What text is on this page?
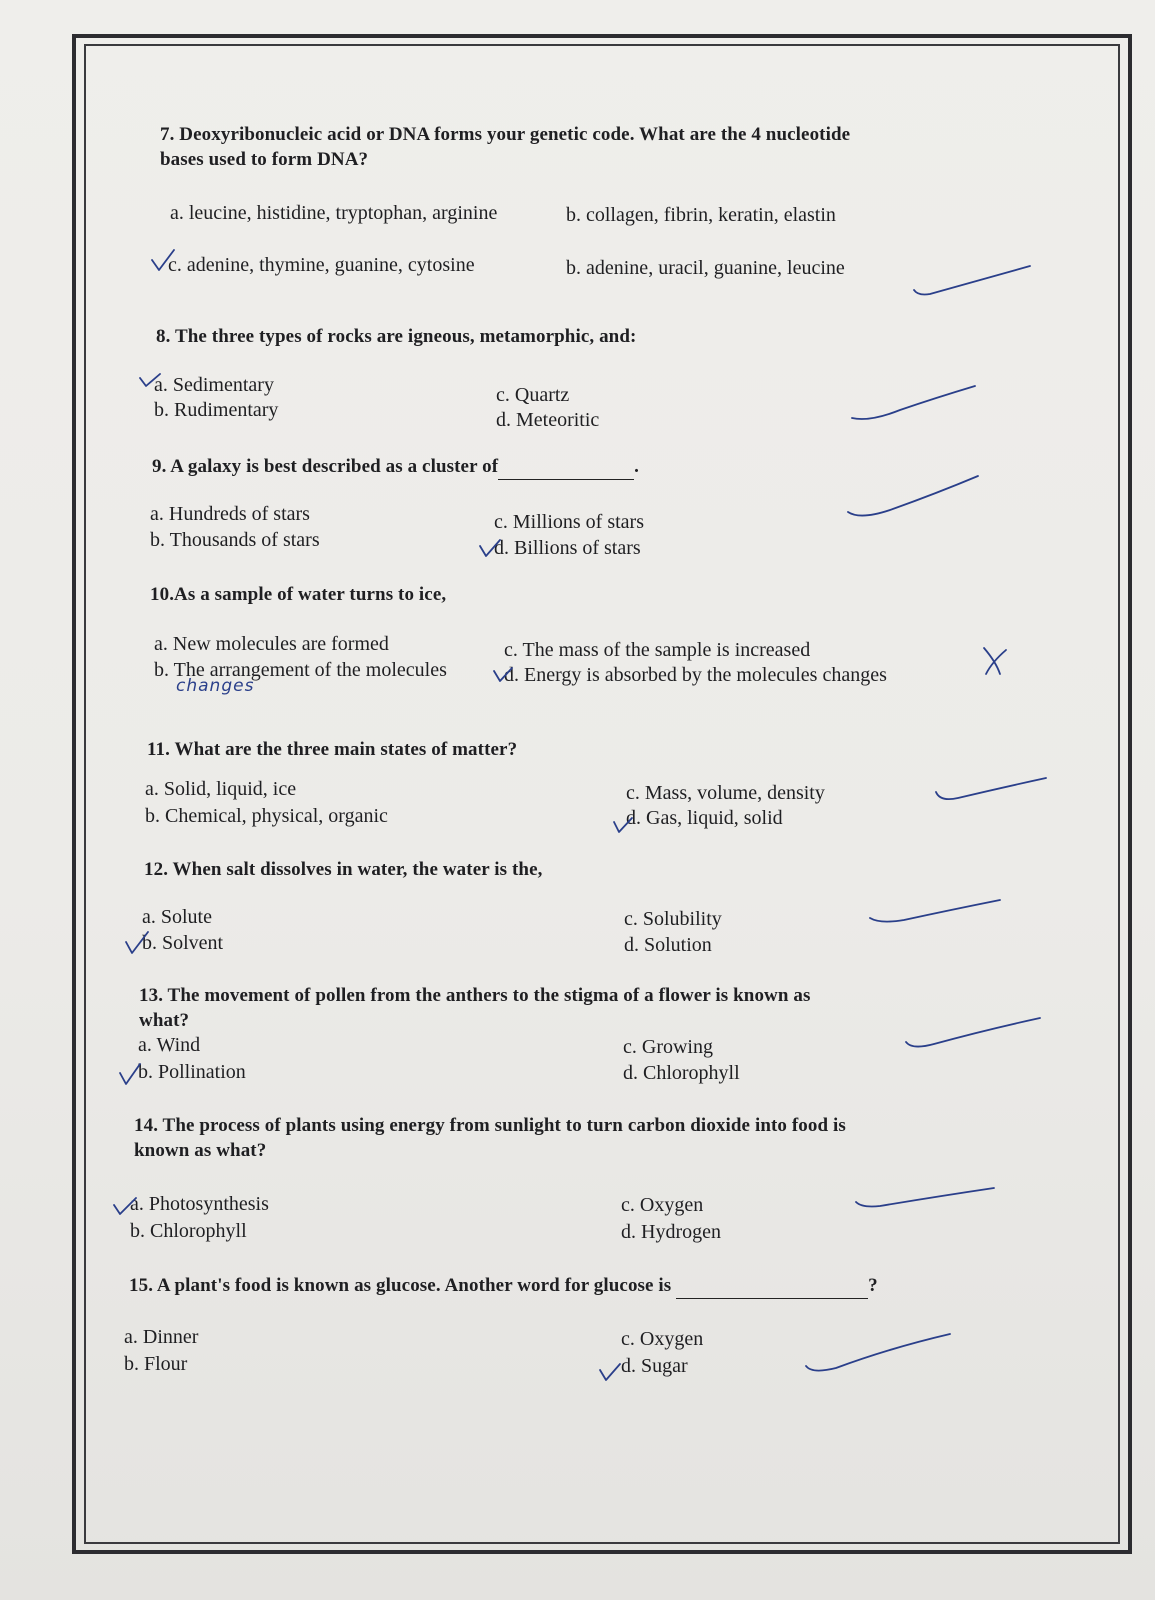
7. Deoxyribonucleic acid or DNA forms your genetic code. What are the 4 nucleotide
bases used to form DNA?
a. leucine, histidine, tryptophan, arginine	b. collagen, fibrin, keratin, elastin
c. adenine, thymine, guanine, cytosine	b. adenine, uracil, guanine, leucine
8. The three types of rocks are igneous, metamorphic, and:
a. Sedimentary
b. Rudimentary
c. Quartz
d. Meteoritic
9. A galaxy is best described as a cluster of	.
a. Hundreds of stars
b. Thousands of stars
c. Millions of stars
d. Billions of stars
10.As a sample of water turns to ice,
a. New molecules are formed
b. The arrangement of the molecules
c. The mass of the sample is increased
d. Energy is absorbed by the molecules changes
changes
11. What are the three main states of matter?
a. Solid, liquid, ice
b. Chemical, physical, organic
c. Mass, volume, density
d. Gas, liquid, solid
12. When salt dissolves in water, the water is the,
a. Solute
b. Solvent
c. Solubility
d. Solution
13. The movement of pollen from the anthers to the stigma of a flower is known as
what?
a. Wind
b. Pollination
c. Growing
d. Chlorophyll
14. The process of plants using energy from sunlight to turn carbon dioxide into food is
known as what?
a. Photosynthesis
b. Chlorophyll
c. Oxygen
d. Hydrogen
15. A plant's food is known as glucose. Another word for glucose is	?
a. Dinner
b. Flour
c. Oxygen
d. Sugar
